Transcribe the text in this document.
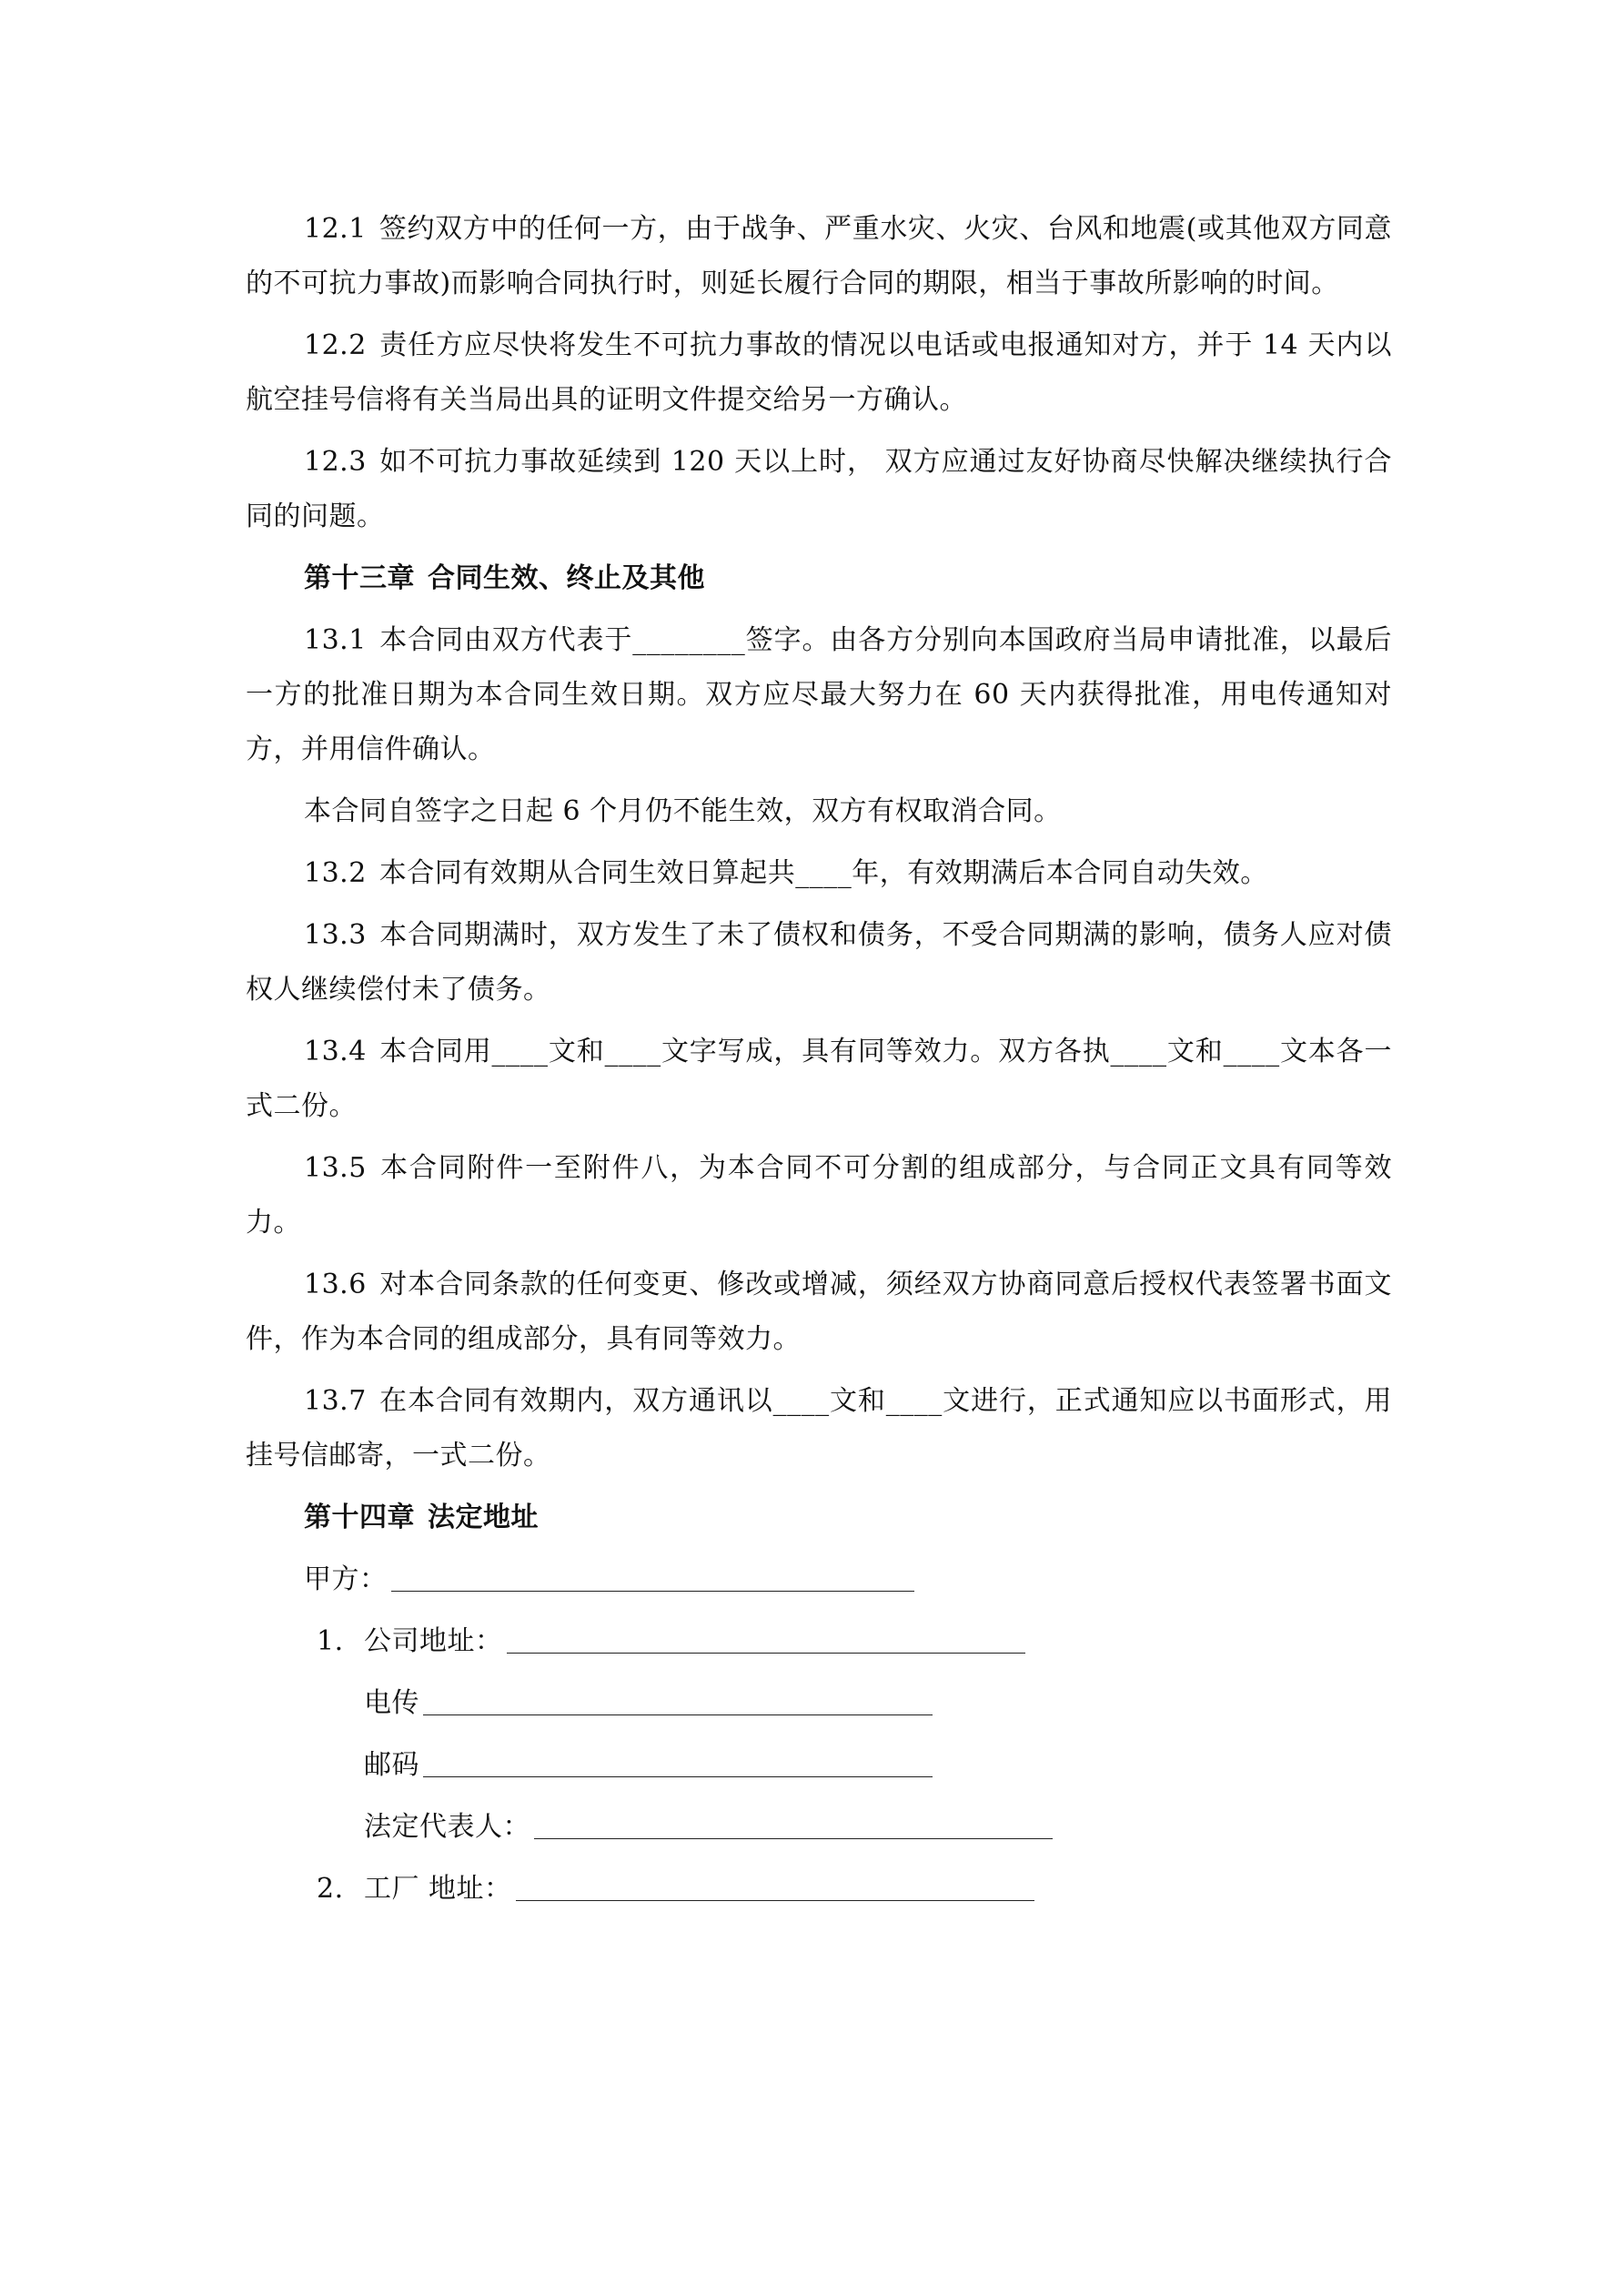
12.1 签约双方中的任何一方，由于战争、严重水灾、火灾、台风和地震(或其他双方同意的不可抗力事故)而影响合同执行时，则延长履行合同的期限，相当于事故所影响的时间。

12.2 责任方应尽快将发生不可抗力事故的情况以电话或电报通知对方，并于 14 天内以航空挂号信将有关当局出具的证明文件提交给另一方确认。

12.3 如不可抗力事故延续到 120 天以上时， 双方应通过友好协商尽快解决继续执行合同的问题。

第十三章 合同生效、终止及其他

13.1 本合同由双方代表于________签字。由各方分别向本国政府当局申请批准，以最后一方的批准日期为本合同生效日期。双方应尽最大努力在 60 天内获得批准，用电传通知对方，并用信件确认。

本合同自签字之日起 6 个月仍不能生效，双方有权取消合同。

13.2 本合同有效期从合同生效日算起共____年，有效期满后本合同自动失效。

13.3 本合同期满时，双方发生了未了债权和债务，不受合同期满的影响，债务人应对债权人继续偿付未了债务。

13.4 本合同用____文和____文字写成，具有同等效力。双方各执____文和____文本各一式二份。

13.5 本合同附件一至附件八，为本合同不可分割的组成部分，与合同正文具有同等效力。

13.6 对本合同条款的任何变更、修改或增减，须经双方协商同意后授权代表签署书面文件，作为本合同的组成部分，具有同等效力。

13.7 在本合同有效期内，双方通讯以____文和____文进行，正式通知应以书面形式，用挂号信邮寄，一式二份。

第十四章 法定地址
甲方：
1. 公司地址：
电传
邮码
法定代表人：
2. 工厂 地址：
